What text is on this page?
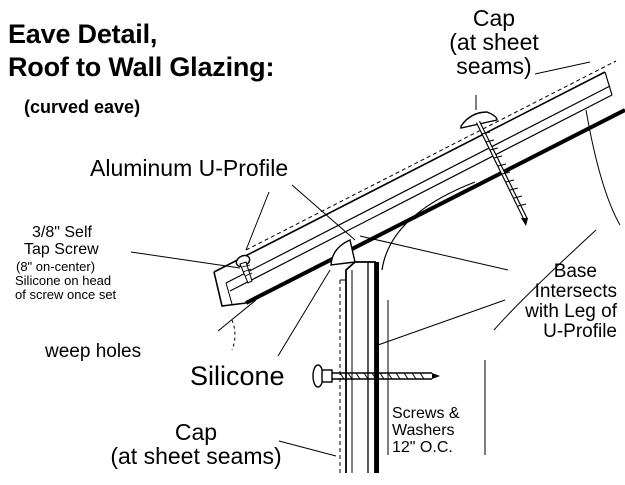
Eave Detail,
Roof to Wall Glazing:
(curved eave)
Cap
(at sheet
seams)
Aluminum U-Profile
3/8" Self
Tap Screw
(8" on-center)
Silicone on head
of screw once set
weep holes
Silicone
Base
Intersects
with Leg of
U-Profile
Screws &
Washers
12" O.C.
Cap
(at sheet seams)
